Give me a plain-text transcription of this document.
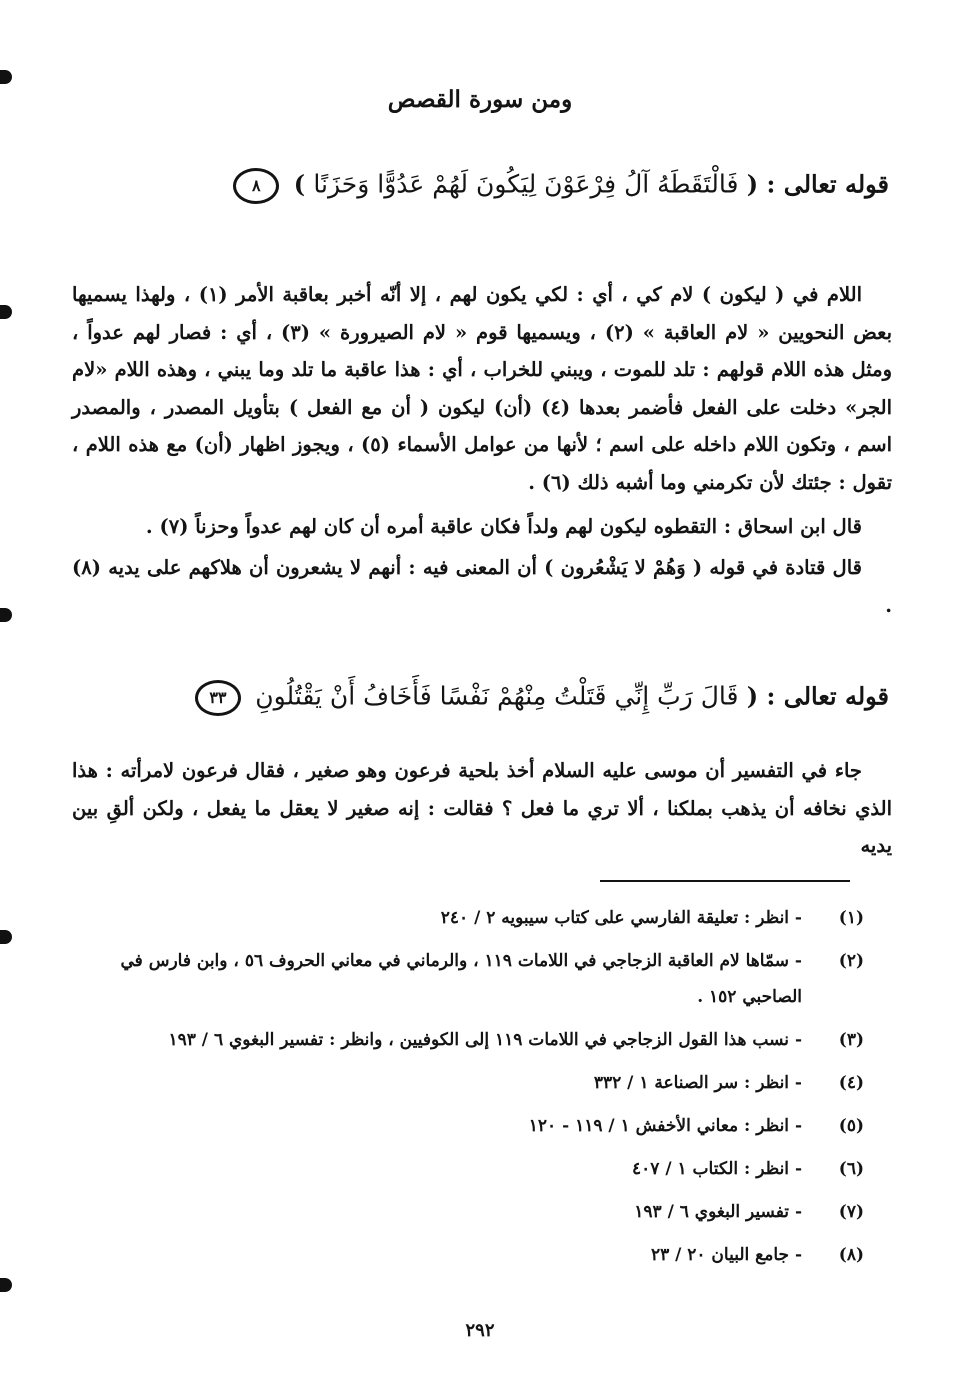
ومن سورة القصص
قوله تعالى : ( فَالْتَقَطَهُ آلُ فِرْعَوْنَ لِيَكُونَ لَهُمْ عَدُوًّا وَحَزَنًا ) ٨

اللام في ( ليكون ) لام كي ، أي : لكي يكون لهم ، إلا أنّه أخبر بعاقبة الأمر (١) ، ولهذا يسميها بعض النحويين « لام العاقبة » (٢) ، ويسميها قوم « لام الصيرورة » (٣) ، أي : فصار لهم عدواً ، ومثل هذه اللام قولهم : تلد للموت ، ويبني للخراب ، أي : هذا عاقبة ما تلد وما يبني ، وهذه اللام «لام الجر» دخلت على الفعل فأضمر بعدها (٤) (أن) ليكون ( أن مع الفعل ) بتأويل المصدر ، والمصدر اسم ، وتكون اللام داخله على اسم ؛ لأنها من عوامل الأسماء (٥) ، ويجوز اظهار (أن) مع هذه اللام ، تقول : جئتك لأن تكرمني وما أشبه ذلك (٦) .

قال ابن اسحاق : التقطوه ليكون لهم ولداً فكان عاقبة أمره أن كان لهم عدواً وحزناً (٧) .

قال قتادة في قوله ( وَهُمْ لا يَشْعُرون ) أن المعنى فيه : أنهم لا يشعرون أن هلاكهم على يديه (٨) .

قوله تعالى : ( قَالَ رَبِّ إِنِّي قَتَلْتُ مِنْهُمْ نَفْسًا فَأَخَافُ أَنْ يَقْتُلُونِ ٣٣

جاء في التفسير أن موسى عليه السلام أخذ بلحية فرعون وهو صغير ، فقال فرعون لامرأته : هذا الذي نخافه أن يذهب بملكنا ، ألا تري ما فعل ؟ فقالت : إنه صغير لا يعقل ما يفعل ، ولكن ألقِ بين يديه

(١)
- انظر : تعليقة الفارسي على كتاب سيبويه ٢ / ٢٤٠
(٢)
- سمّاها لام العاقبة الزجاجي في اللامات ١١٩ ، والرماني في معاني الحروف ٥٦ ، وابن فارس في الصاحبي ١٥٢ .
(٣)
- نسب هذا القول الزجاجي في اللامات ١١٩ إلى الكوفيين ، وانظر : تفسير البغوي ٦ / ١٩٣
(٤)
- انظر : سر الصناعة ١ / ٣٣٢
(٥)
- انظر : معاني الأخفش ١ / ١١٩ - ١٢٠
(٦)
- انظر : الكتاب ١ / ٤٠٧
(٧)
- تفسير البغوي ٦ / ١٩٣
(٨)
- جامع البيان ٢٠ / ٢٣
٢٩٢
